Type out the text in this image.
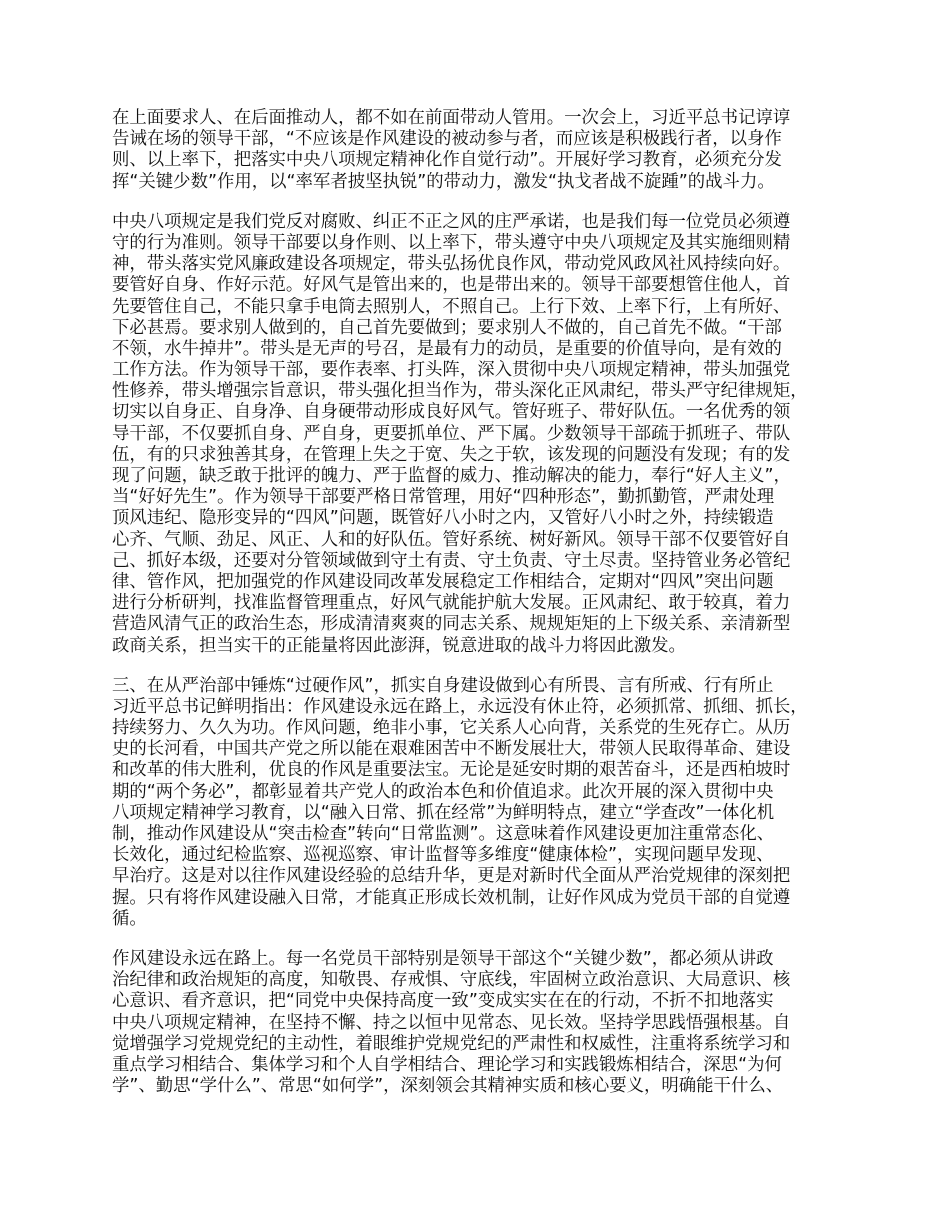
在上面要求人、在后面推动人，都不如在前面带动人管用。一次会上，习近平总书记谆谆
告诫在场的领导干部，“不应该是作风建设的被动参与者，而应该是积极践行者，以身作
则、以上率下，把落实中央八项规定精神化作自觉行动”。开展好学习教育，必须充分发
挥“关键少数”作用，以“率军者披坚执锐”的带动力，激发“执戈者战不旋踵”的战斗力。
中央八项规定是我们党反对腐败、纠正不正之风的庄严承诺，也是我们每一位党员必须遵
守的行为准则。领导干部要以身作则、以上率下，带头遵守中央八项规定及其实施细则精
神，带头落实党风廉政建设各项规定，带头弘扬优良作风，带动党风政风社风持续向好。
要管好自身、作好示范。好风气是管出来的，也是带出来的。领导干部要想管住他人，首
先要管住自己，不能只拿手电筒去照别人，不照自己。上行下效、上率下行，上有所好、
下必甚焉。要求别人做到的，自己首先要做到；要求别人不做的，自己首先不做。“干部
不领，水牛掉井”。带头是无声的号召，是最有力的动员，是重要的价值导向，是有效的
工作方法。作为领导干部，要作表率、打头阵，深入贯彻中央八项规定精神，带头加强党
性修养，带头增强宗旨意识，带头强化担当作为，带头深化正风肃纪，带头严守纪律规矩，
切实以自身正、自身净、自身硬带动形成良好风气。管好班子、带好队伍。一名优秀的领
导干部，不仅要抓自身、严自身，更要抓单位、严下属。少数领导干部疏于抓班子、带队
伍，有的只求独善其身，在管理上失之于宽、失之于软，该发现的问题没有发现；有的发
现了问题，缺乏敢于批评的魄力、严于监督的威力、推动解决的能力，奉行“好人主义”，
当“好好先生”。作为领导干部要严格日常管理，用好“四种形态”，勤抓勤管，严肃处理
顶风违纪、隐形变异的“四风”问题，既管好八小时之内，又管好八小时之外，持续锻造
心齐、气顺、劲足、风正、人和的好队伍。管好系统、树好新风。领导干部不仅要管好自
己、抓好本级，还要对分管领域做到守土有责、守土负责、守土尽责。坚持管业务必管纪
律、管作风，把加强党的作风建设同改革发展稳定工作相结合，定期对“四风”突出问题
进行分析研判，找准监督管理重点，好风气就能护航大发展。正风肃纪、敢于较真，着力
营造风清气正的政治生态，形成清清爽爽的同志关系、规规矩矩的上下级关系、亲清新型
政商关系，担当实干的正能量将因此澎湃，锐意进取的战斗力将因此激发。
三、在从严治部中锤炼“过硬作风”，抓实自身建设做到心有所畏、言有所戒、行有所止
习近平总书记鲜明指出：作风建设永远在路上，永远没有休止符，必须抓常、抓细、抓长，
持续努力、久久为功。作风问题，绝非小事，它关系人心向背，关系党的生死存亡。从历
史的长河看，中国共产党之所以能在艰难困苦中不断发展壮大，带领人民取得革命、建设
和改革的伟大胜利，优良的作风是重要法宝。无论是延安时期的艰苦奋斗，还是西柏坡时
期的“两个务必”，都彰显着共产党人的政治本色和价值追求。此次开展的深入贯彻中央
八项规定精神学习教育，以“融入日常、抓在经常”为鲜明特点，建立“学查改”一体化机
制，推动作风建设从“突击检查”转向“日常监测”。这意味着作风建设更加注重常态化、
长效化，通过纪检监察、巡视巡察、审计监督等多维度“健康体检”，实现问题早发现、
早治疗。这是对以往作风建设经验的总结升华，更是对新时代全面从严治党规律的深刻把
握。只有将作风建设融入日常，才能真正形成长效机制，让好作风成为党员干部的自觉遵
循。
作风建设永远在路上。每一名党员干部特别是领导干部这个“关键少数”，都必须从讲政
治纪律和政治规矩的高度，知敬畏、存戒惧、守底线，牢固树立政治意识、大局意识、核
心意识、看齐意识，把“同党中央保持高度一致”变成实实在在的行动，不折不扣地落实
中央八项规定精神，在坚持不懈、持之以恒中见常态、见长效。坚持学思践悟强根基。自
觉增强学习党规党纪的主动性，着眼维护党规党纪的严肃性和权威性，注重将系统学习和
重点学习相结合、集体学习和个人自学相结合、理论学习和实践锻炼相结合，深思“为何
学”、勤思“学什么”、常思“如何学”，深刻领会其精神实质和核心要义，明确能干什么、
